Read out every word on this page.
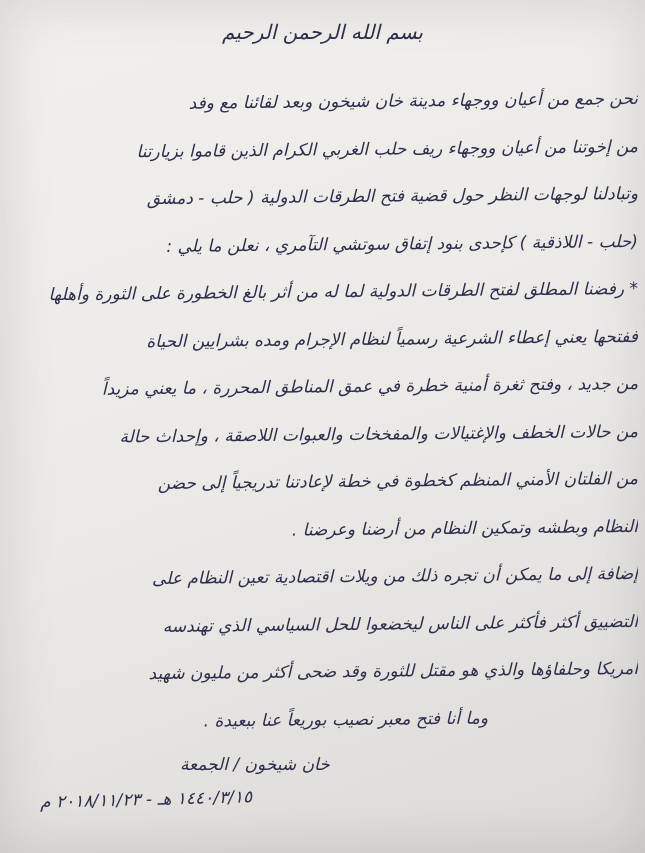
بسم الله الرحمن الرحيم
نحن جمع من أعيان ووجهاء مدينة خان شيخون وبعد لقائنا مع وفد
من إخوتنا من أعيان ووجهاء ريف حلب الغربي الكرام الذين قاموا بزيارتنا
وتبادلنا لوجهات النظر حول قضية فتح الطرقات الدولية ( حلب - دمشق
(حلب - اللاذقية ) كإحدى بنود إتفاق سوتشي التآمري ، نعلن ما يلي :
* رفضنا المطلق لفتح الطرقات الدولية لما له من أثر بالغ الخطورة على الثورة وأهلها
ففتحها يعني إعطاء الشرعية رسمياً لنظام الإجرام ومده بشرايين الحياة
من جديد ، وفتح ثغرة أمنية خطرة في عمق المناطق المحررة ، ما يعني مزيداً
من حالات الخطف والإغتيالات والمفخخات والعبوات اللاصقة ، وإحداث حالة
من الفلتان الأمني المنظم كخطوة في خطة لإعادتنا تدريجياً إلى حضن
النظام وبطشه وتمكين النظام من أرضنا وعرضنا .
إضافة إلى ما يمكن أن تجره ذلك من ويلات اقتصادية تعين النظام على
التضييق أكثر فأكثر على الناس ليخضعوا للحل السياسي الذي تهندسه
أمريكا وحلفاؤها والذي هو مقتل للثورة وقد ضحى أكثر من مليون شهيد
وما أنا فتح معبر نصيب بوريعاً عنا ببعيدة .
خان شيخون / الجمعة
١٤٤٠/٣/١٥ هـ - ٢٠١٨/١١/٢٣ م
